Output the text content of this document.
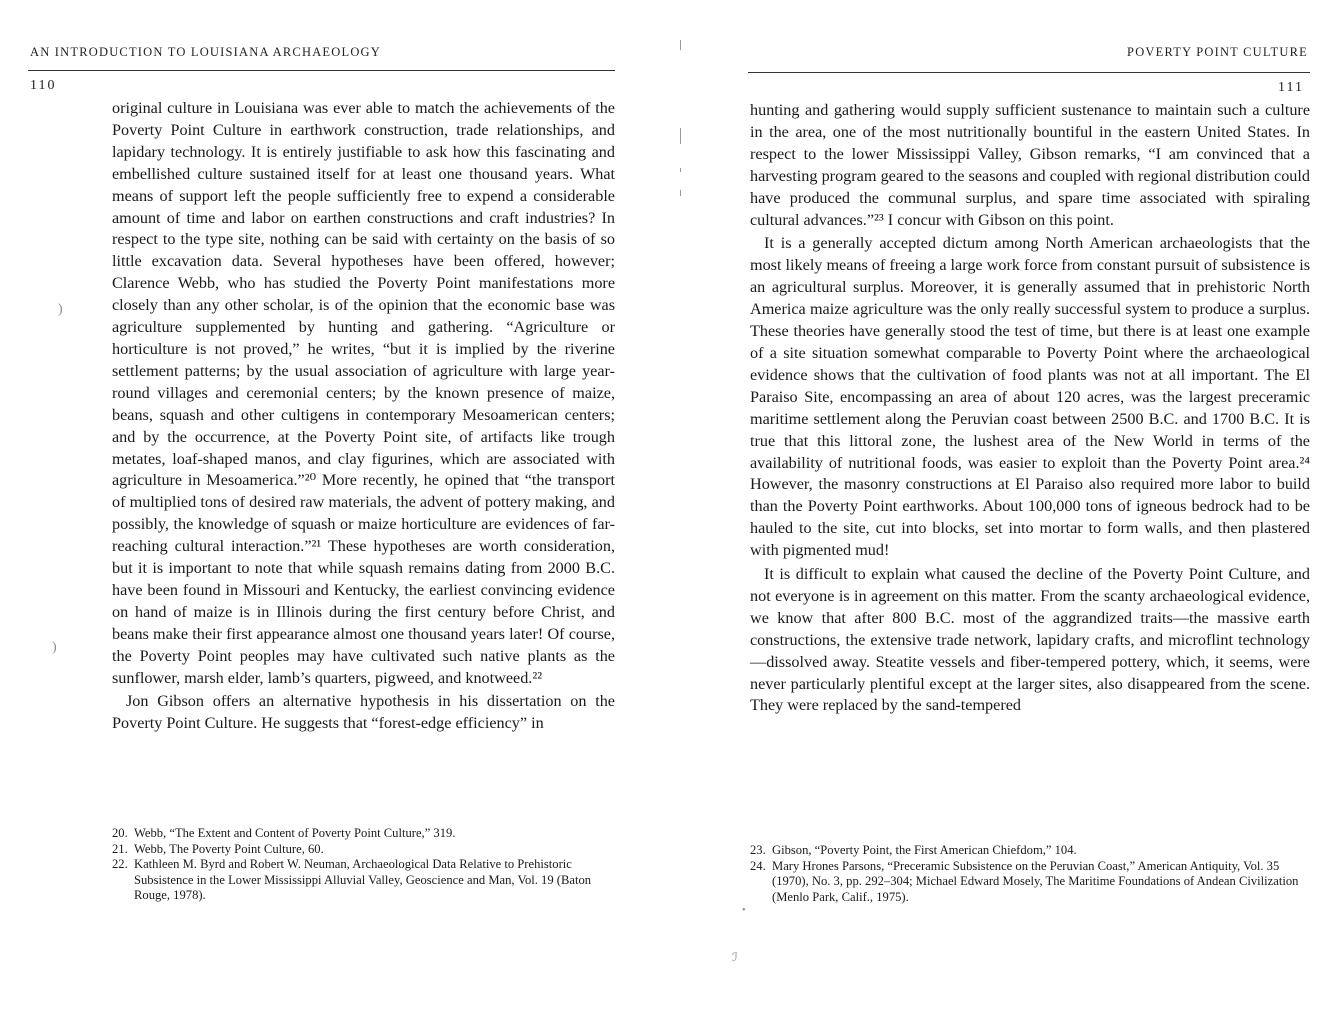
AN INTRODUCTION TO LOUISIANA ARCHAEOLOGY
110

original culture in Louisiana was ever able to match the achievements of the Poverty Point Culture in earthwork construction, trade relationships, and lapidary technology. It is entirely justifiable to ask how this fascinating and embellished culture sustained itself for at least one thousand years. What means of support left the people sufficiently free to expend a considerable amount of time and labor on earthen constructions and craft industries? In respect to the type site, nothing can be said with certainty on the basis of so little excavation data. Several hypotheses have been offered, however; Clarence Webb, who has studied the Poverty Point manifestations more closely than any other scholar, is of the opinion that the economic base was agriculture supplemented by hunting and gathering. “Agriculture or horticulture is not proved,” he writes, “but it is implied by the riverine settlement patterns; by the usual association of agriculture with large year-round villages and ceremonial centers; by the known presence of maize, beans, squash and other cultigens in contemporary Mesoamerican centers; and by the occurrence, at the Poverty Point site, of artifacts like trough metates, loaf-shaped manos, and clay figurines, which are associated with agriculture in Mesoamerica.”²⁰ More recently, he opined that “the transport of multiplied tons of desired raw materials, the advent of pottery making, and possibly, the knowledge of squash or maize horticulture are evidences of far-reaching cultural interaction.”²¹ These hypotheses are worth consideration, but it is important to note that while squash remains dating from 2000 B.C. have been found in Missouri and Kentucky, the earliest convincing evidence on hand of maize is in Illinois during the first century before Christ, and beans make their first appearance almost one thousand years later! Of course, the Poverty Point peoples may have cultivated such native plants as the sunflower, marsh elder, lamb’s quarters, pigweed, and knotweed.²²

Jon Gibson offers an alternative hypothesis in his dissertation on the Poverty Point Culture. He suggests that “forest-edge efficiency” in

20. Webb, “The Extent and Content of Poverty Point Culture,” 319.
21. Webb, The Poverty Point Culture, 60.
22. Kathleen M. Byrd and Robert W. Neuman, Archaeological Data Relative to Prehistoric Subsistence in the Lower Mississippi Alluvial Valley, Geoscience and Man, Vol. 19 (Baton Rouge, 1978).
)
)
POVERTY POINT CULTURE
111

hunting and gathering would supply sufficient sustenance to maintain such a culture in the area, one of the most nutritionally bountiful in the eastern United States. In respect to the lower Mississippi Valley, Gibson remarks, “I am convinced that a harvesting program geared to the seasons and coupled with regional distribution could have produced the communal surplus, and spare time associated with spiraling cultural advances.”²³ I concur with Gibson on this point.

It is a generally accepted dictum among North American archaeologists that the most likely means of freeing a large work force from constant pursuit of subsistence is an agricultural surplus. Moreover, it is generally assumed that in prehistoric North America maize agriculture was the only really successful system to produce a surplus. These theories have generally stood the test of time, but there is at least one example of a site situation somewhat comparable to Poverty Point where the archaeological evidence shows that the cultivation of food plants was not at all important. The El Paraiso Site, encompassing an area of about 120 acres, was the largest preceramic maritime settlement along the Peruvian coast between 2500 B.C. and 1700 B.C. It is true that this littoral zone, the lushest area of the New World in terms of the availability of nutritional foods, was easier to exploit than the Poverty Point area.²⁴ However, the masonry constructions at El Paraiso also required more labor to build than the Poverty Point earthworks. About 100,000 tons of igneous bedrock had to be hauled to the site, cut into blocks, set into mortar to form walls, and then plastered with pigmented mud!

It is difficult to explain what caused the decline of the Poverty Point Culture, and not everyone is in agreement on this matter. From the scanty archaeological evidence, we know that after 800 B.C. most of the aggrandized traits—the massive earth constructions, the extensive trade network, lapidary crafts, and microflint technology—dissolved away. Steatite vessels and fiber-tempered pottery, which, it seems, were never particularly plentiful except at the larger sites, also disappeared from the scene. They were replaced by the sand-tempered

23. Gibson, “Poverty Point, the First American Chiefdom,” 104.
24. Mary Hrones Parsons, “Preceramic Subsistence on the Peruvian Coast,” American Antiquity, Vol. 35 (1970), No. 3, pp. 292–304; Michael Edward Mosely, The Maritime Foundations of Andean Civilization (Menlo Park, Calif., 1975).
•
ℐ
